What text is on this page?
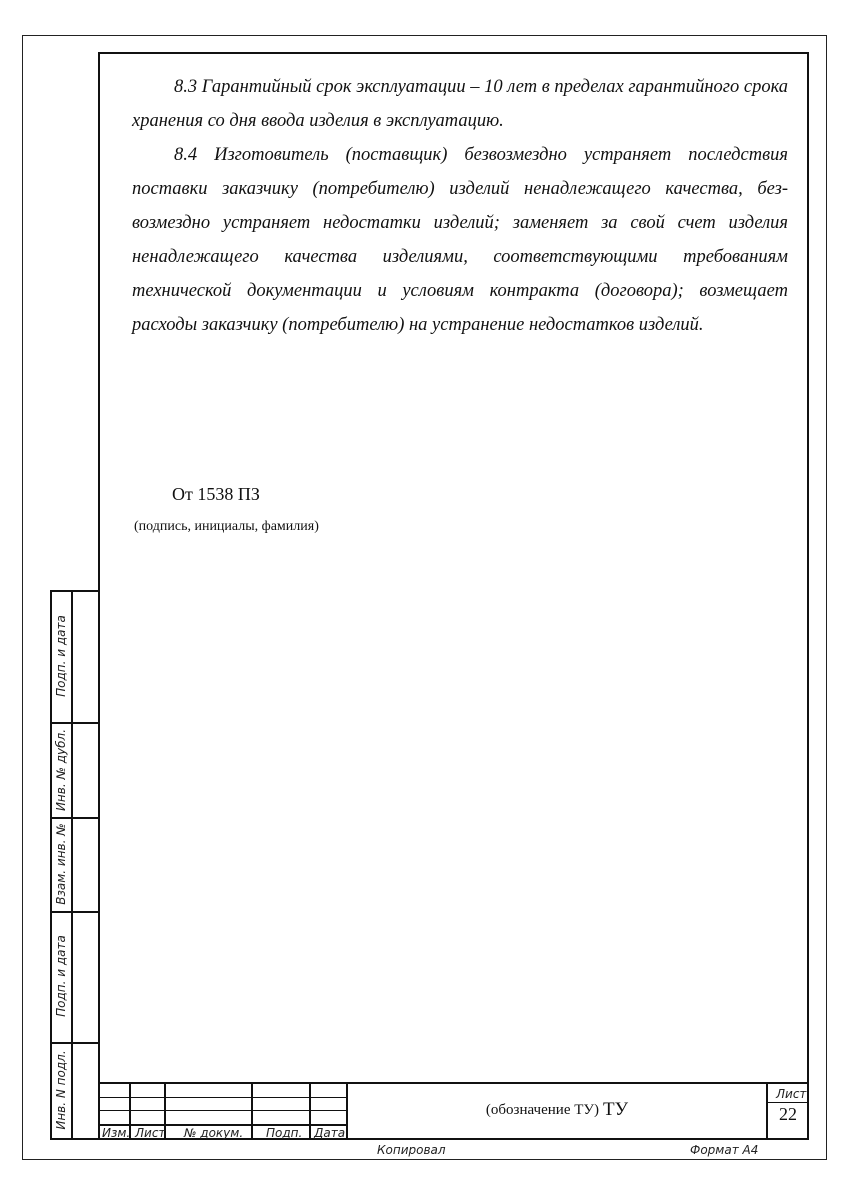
Подп. и дата
Инв. № дубл.
Взам. инв. №
Подп. и дата
Инв. N подл.

8.3 Гарантийный срок эксплуатации – 10 лет в пределах гарантийного срока хранения со дня ввода изделия в эксплуатацию.

8.4 Изготовитель (поставщик) безвозмездно устраняет последствия поставки заказчику (потребителю) изделий ненадлежащего качества, безвозмездно устраняет недостатки изделий; заменяет за свой счет изделия ненадлежащего качества изделиями, соответствующими требованиям технической документации и условиям контракта (договора); возмещает расходы заказчику (потребителю) на устранение недостатков изделий.

От 1538 ПЗ
(подпись, инициалы, фамилия)
Изм. Лист № докум. Подп. Дата
(обозначение ТУ) ТУ
Лист
22
Копировал	Формат А4
